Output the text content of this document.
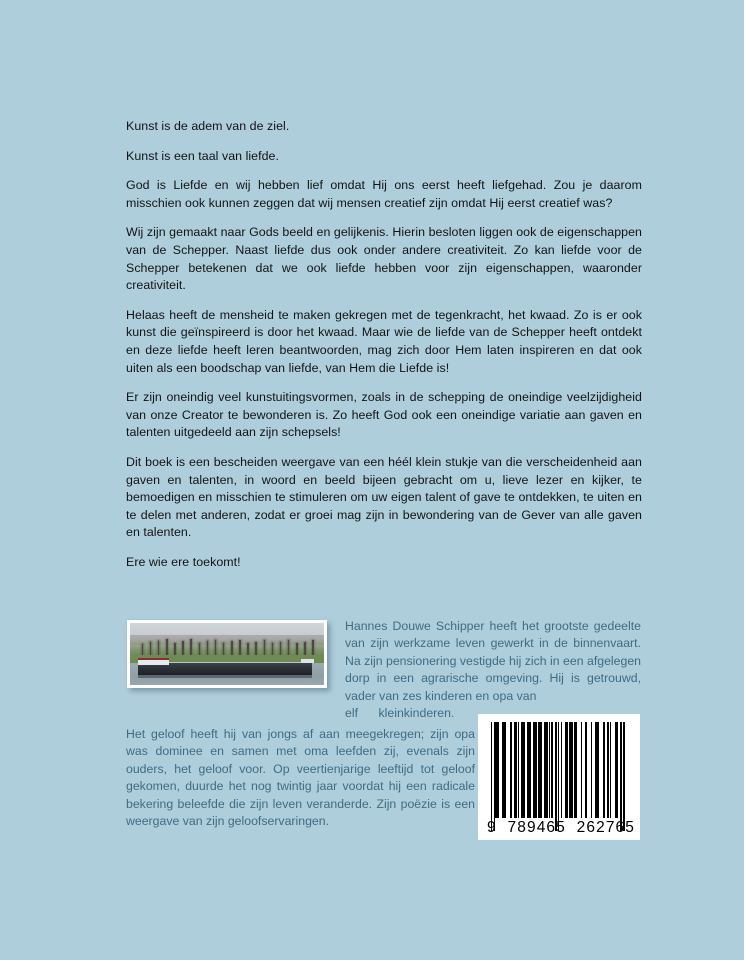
Kunst is de adem van de ziel.

Kunst is een taal van liefde.

God is Liefde en wij hebben lief omdat Hij ons eerst heeft liefgehad. Zou je daarom misschien ook kunnen zeggen dat wij mensen creatief zijn omdat Hij eerst creatief was?

Wij zijn gemaakt naar Gods beeld en gelijkenis. Hierin besloten liggen ook de eigenschappen van de Schepper. Naast liefde dus ook onder andere creativiteit. Zo kan liefde voor de Schepper betekenen dat we ook liefde hebben voor zijn eigenschappen, waaronder creativiteit.

Helaas heeft de mensheid te maken gekregen met de tegenkracht, het kwaad. Zo is er ook kunst die geïnspireerd is door het kwaad. Maar wie de liefde van de Schepper heeft ontdekt en deze liefde heeft leren beantwoorden, mag zich door Hem laten inspireren en dat ook uiten als een boodschap van liefde, van Hem die Liefde is!

Er zijn oneindig veel kunstuitingsvormen, zoals in de schepping de oneindige veelzijdigheid van onze Creator te bewonderen is. Zo heeft God ook een oneindige variatie aan gaven en talenten uitgedeeld aan zijn schepsels!

Dit boek is een bescheiden weergave van een héél klein stukje van die verscheidenheid aan gaven en talenten, in woord en beeld bijeen gebracht om u, lieve lezer en kijker, te bemoedigen en misschien te stimuleren om uw eigen talent of gave te ontdekken, te uiten en te delen met anderen, zodat er groei mag zijn in bewondering van de Gever van alle gaven en talenten.

Ere wie ere toekomt!

Hannes Douwe Schipper heeft het grootste gedeelte van zijn werkzame leven gewerkt in de binnenvaart. Na zijn pensionering vestigde hij zich in een afgelegen dorp in een agrarische omgeving. Hij is getrouwd, vader van zes kinderen en opa van

elf      kleinkinderen.

Het geloof heeft hij van jongs af aan meegekregen; zijn opa was dominee en samen met oma leefden zij, evenals zijn ouders, het geloof voor. Op veertienjarige leeftijd tot geloof gekomen, duurde het nog twintig jaar voordat hij een radicale bekering beleefde die zijn leven veranderde. Zijn poëzie is een weergave van zijn geloofservaringen.	9  789465  262765
